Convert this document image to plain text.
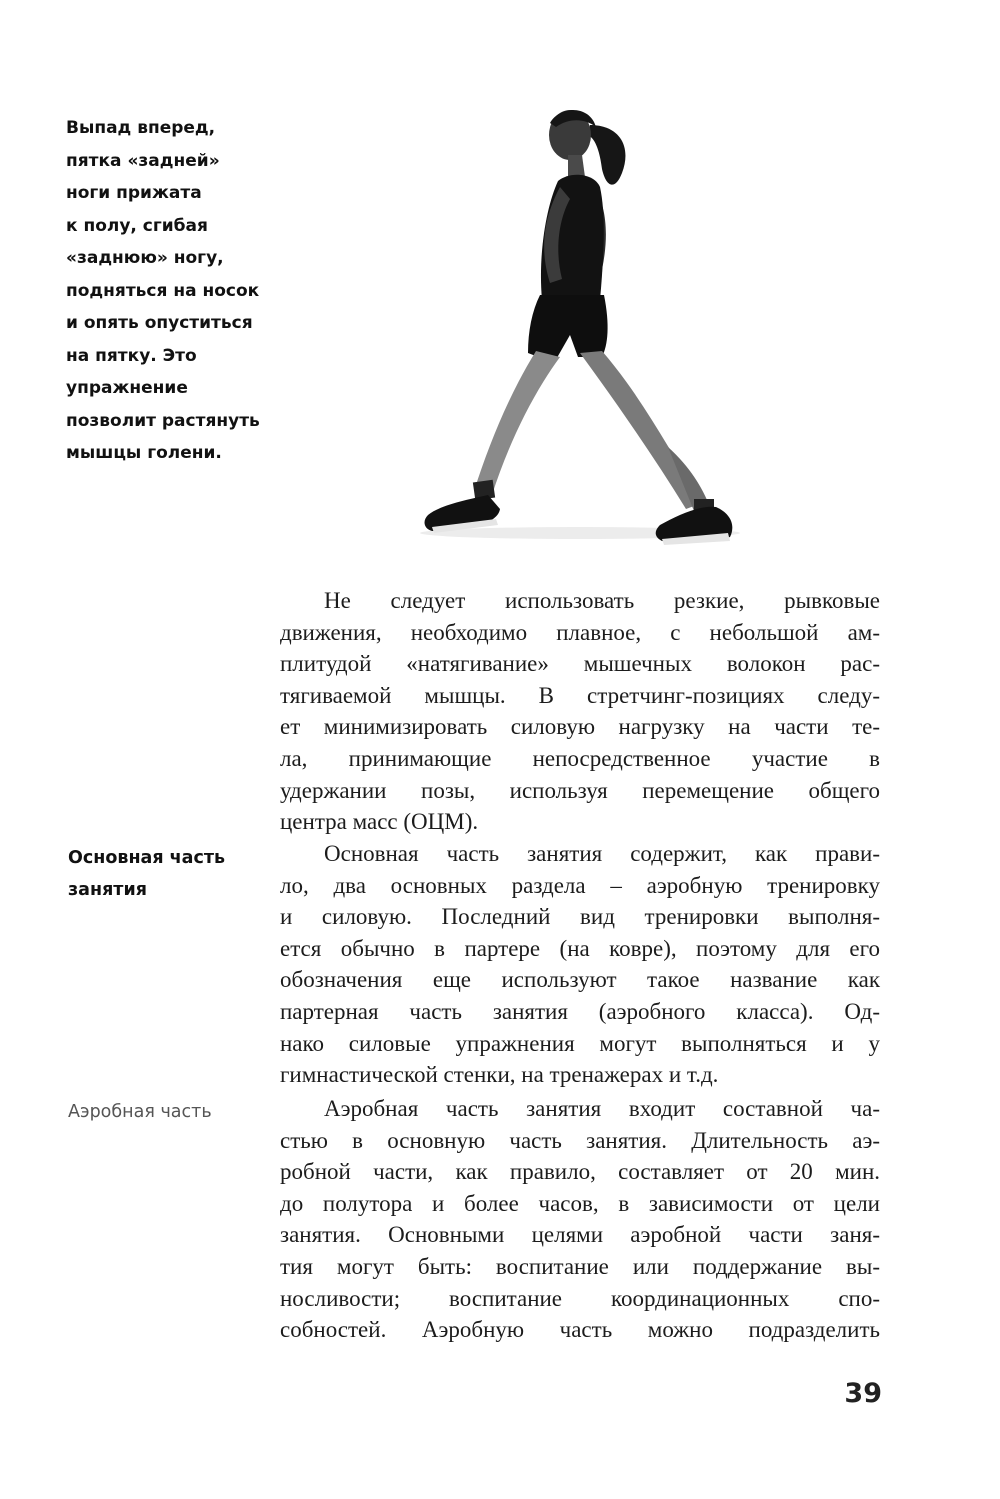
Выпад вперед,
пятка «задней»
ноги прижата
к полу, сгибая
«заднюю» ногу,
подняться на носок
и опять опуститься
на пятку. Это
упражнение
позволит растянуть
мышцы голени.
Основная часть
занятия
Аэробная часть
Не следует использовать резкие, рывковые
движения, необходимо плавное, с небольшой ам-
плитудой «натягивание» мышечных волокон рас-
тягиваемой мышцы. В стретчинг-позициях следу-
ет минимизировать силовую нагрузку на части те-
ла, принимающие непосредственное участие в
удержании позы, используя перемещение общего
центра масс (ОЦМ).
Основная часть занятия содержит, как прави-
ло, два основных раздела – аэробную тренировку
и силовую. Последний вид тренировки выполня-
ется обычно в партере (на ковре), поэтому для его
обозначения еще используют такое название как
партерная часть занятия (аэробного класса). Од-
нако силовые упражнения могут выполняться и у
гимнастической стенки, на тренажерах и т.д.
Аэробная часть занятия входит составной ча-
стью в основную часть занятия. Длительность аэ-
робной части, как правило, составляет от 20 мин.
до полутора и более часов, в зависимости от цели
занятия. Основными целями аэробной части заня-
тия могут быть: воспитание или поддержание вы-
носливости; воспитание координационных спо-
собностей. Аэробную часть можно подразделить
39
